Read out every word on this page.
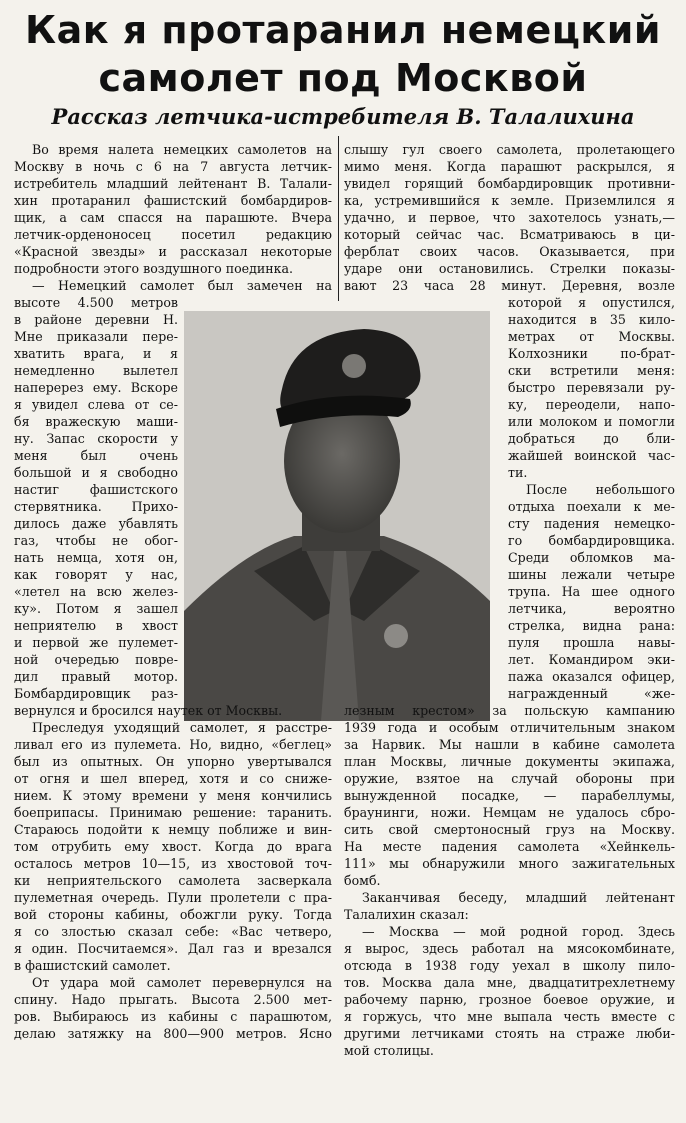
Как я протаранил немецкий
самолет под Москвой
Рассказ летчика-истребителя В. Талалихина
Во время налета немецких самолетов на
Москву в ночь с 6 на 7 августа летчик-
истребитель младший лейтенант В. Талали-
хин протаранил фашистский бомбардиров-
щик, а сам спасся на парашюте. Вчера
летчик-орденоносец посетил редакцию
«Красной звезды» и рассказал некоторые
подробности этого воздушного поединка.
— Немецкий самолет был замечен на
слышу гул своего самолета, пролетающего
мимо меня. Когда парашют раскрылся, я
увидел горящий бомбардировщик противни-
ка, устремившийся к земле. Приземлился я
удачно, и первое, что захотелось узнать,—
который сейчас час. Всматриваюсь в ци-
ферблат своих часов. Оказывается, при
ударе они остановились. Стрелки показы-
вают 23 часа 28 минут. Деревня, возле
высоте 4.500 метров
в районе деревни Н.
Мне приказали пере-
хватить врага, и я
немедленно вылетел
наперерез ему. Вскоре
я увидел слева от се-
бя вражескую маши-
ну. Запас скорости у
меня был очень
большой и я свободно
настиг фашистского
стервятника. Прихо-
дилось даже убавлять
газ, чтобы не обог-
нать немца, хотя он,
как говорят у нас,
«летел на всю желез-
ку». Потом я зашел
неприятелю в хвост
и первой же пулемет-
ной очередью повре-
дил правый мотор.
Бомбардировщик раз-
которой я опустился,
находится в 35 кило-
метрах от Москвы.
Колхозники по-брат-
ски встретили меня:
быстро перевязали ру-
ку, переодели, напо-
или молоком и помогли
добраться до бли-
жайшей воинской час-
ти.
После небольшого
отдыха поехали к ме-
сту падения немецко-
го бомбардировщика.
Среди обломков ма-
шины лежали четыре
трупа. На шее одного
летчика, вероятно
стрелка, видна рана:
пуля прошла навы-
лет. Командиром эки-
пажа оказался офицер,
награжденный «же-
вернулся и бросился наутек от Москвы.
Преследуя уходящий самолет, я расстре-
ливал его из пулемета. Но, видно, «беглец»
был из опытных. Он упорно увертывался
от огня и шел вперед, хотя и со сниже-
нием. К этому времени у меня кончились
боеприпасы. Принимаю решение: таранить.
Стараюсь подойти к немцу поближе и вин-
том отрубить ему хвост. Когда до врага
осталось метров 10—15, из хвостовой точ-
ки неприятельского самолета засверкала
пулеметная очередь. Пули пролетели с пра-
вой стороны кабины, обожгли руку. Тогда
я со злостью сказал себе: «Вас четверо,
я один. Посчитаемся». Дал газ и врезался
в фашистский самолет.
От удара мой самолет перевернулся на
спину. Надо прыгать. Высота 2.500 мет-
ров. Выбираюсь из кабины с парашютом,
делаю затяжку на 800—900 метров. Ясно
лезным крестом» за польскую кампанию
1939 года и особым отличительным знаком
за Нарвик. Мы нашли в кабине самолета
план Москвы, личные документы экипажа,
оружие, взятое на случай обороны при
вынужденной посадке, — парабеллумы,
браунинги, ножи. Немцам не удалось сбро-
сить свой смертоносный груз на Москву.
На месте падения самолета «Хейнкель-
111» мы обнаружили много зажигательных
бомб.
Заканчивая беседу, младший лейтенант
Талалихин сказал:
— Москва — мой родной город. Здесь
я вырос, здесь работал на мясокомбинате,
отсюда в 1938 году уехал в школу пило-
тов. Москва дала мне, двадцатитрехлетнему
рабочему парню, грозное боевое оружие, и
я горжусь, что мне выпала честь вместе с
другими летчиками стоять на страже люби-
мой столицы.
